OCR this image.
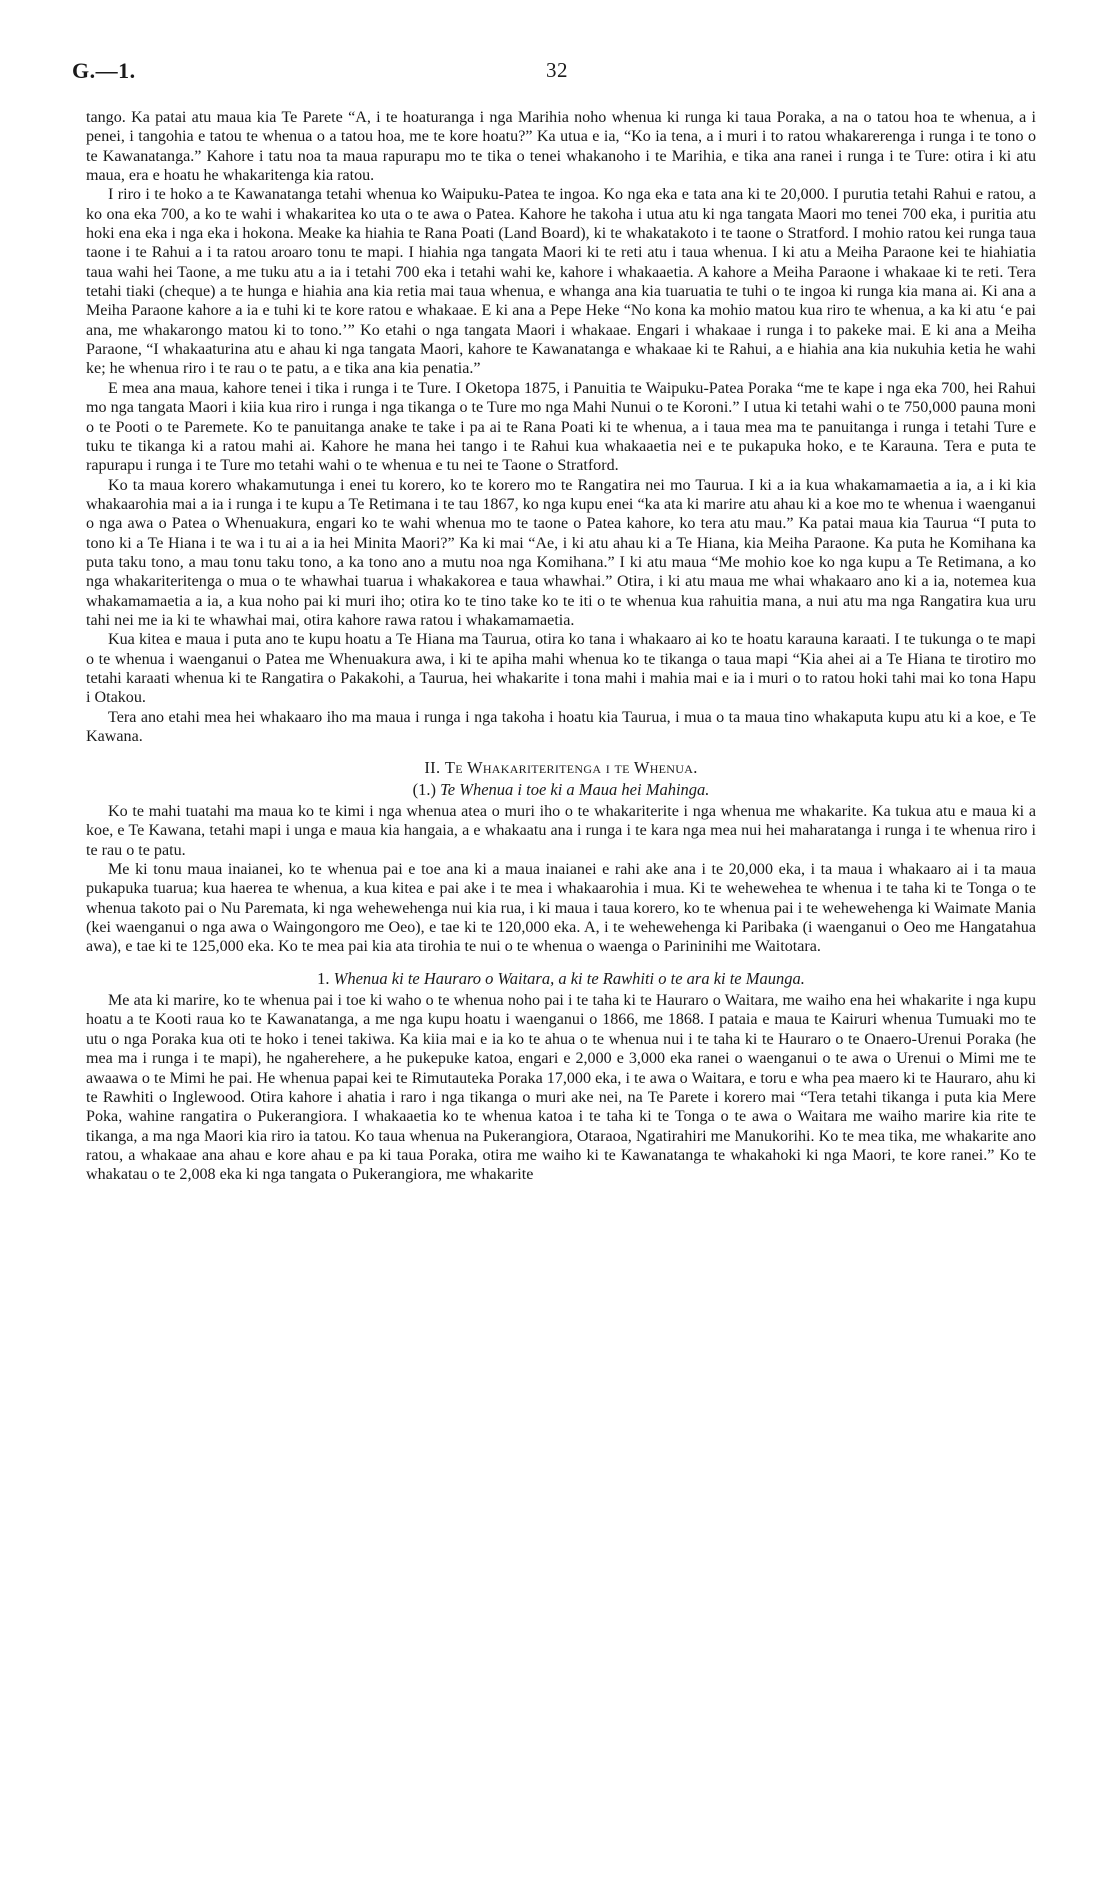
G.—1.	32

tango. Ka patai atu maua kia Te Parete “A, i te hoaturanga i nga Marihia noho whenua ki runga ki taua Poraka, a na o tatou hoa te whenua, a i penei, i tangohia e tatou te whenua o a tatou hoa, me te kore hoatu?” Ka utua e ia, “Ko ia tena, a i muri i to ratou whakarerenga i runga i te tono o te Kawanatanga.” Kahore i tatu noa ta maua rapurapu mo te tika o tenei whakanoho i te Marihia, e tika ana ranei i runga i te Ture: otira i ki atu maua, era e hoatu he whakaritenga kia ratou.

I riro i te hoko a te Kawanatanga tetahi whenua ko Waipuku-Patea te ingoa. Ko nga eka e tata ana ki te 20,000. I purutia tetahi Rahui e ratou, a ko ona eka 700, a ko te wahi i whakaritea ko uta o te awa o Patea. Kahore he takoha i utua atu ki nga tangata Maori mo tenei 700 eka, i puritia atu hoki ena eka i nga eka i hokona. Meake ka hiahia te Rana Poati (Land Board), ki te whakatakoto i te taone o Stratford. I mohio ratou kei runga taua taone i te Rahui a i ta ratou aroaro tonu te mapi. I hiahia nga tangata Maori ki te reti atu i taua whenua. I ki atu a Meiha Paraone kei te hiahiatia taua wahi hei Taone, a me tuku atu a ia i tetahi 700 eka i tetahi wahi ke, kahore i whakaaetia. A kahore a Meiha Paraone i whakaae ki te reti. Tera tetahi tiaki (cheque) a te hunga e hiahia ana kia retia mai taua whenua, e whanga ana kia tuaruatia te tuhi o te ingoa ki runga kia mana ai. Ki ana a Meiha Paraone kahore a ia e tuhi ki te kore ratou e whakaae. E ki ana a Pepe Heke “No kona ka mohio matou kua riro te whenua, a ka ki atu ‘e pai ana, me whakarongo matou ki to tono.’” Ko etahi o nga tangata Maori i whakaae. Engari i whakaae i runga i to pakeke mai. E ki ana a Meiha Paraone, “I whakaaturina atu e ahau ki nga tangata Maori, kahore te Kawanatanga e whakaae ki te Rahui, a e hiahia ana kia nukuhia ketia he wahi ke; he whenua riro i te rau o te patu, a e tika ana kia penatia.”

E mea ana maua, kahore tenei i tika i runga i te Ture. I Oketopa 1875, i Panuitia te Waipuku-Patea Poraka “me te kape i nga eka 700, hei Rahui mo nga tangata Maori i kiia kua riro i runga i nga tikanga o te Ture mo nga Mahi Nunui o te Koroni.” I utua ki tetahi wahi o te 750,000 pauna moni o te Pooti o te Paremete. Ko te panuitanga anake te take i pa ai te Rana Poati ki te whenua, a i taua mea ma te panuitanga i runga i tetahi Ture e tuku te tikanga ki a ratou mahi ai. Kahore he mana hei tango i te Rahui kua whakaaetia nei e te pukapuka hoko, e te Karauna. Tera e puta te rapurapu i runga i te Ture mo tetahi wahi o te whenua e tu nei te Taone o Stratford.

Ko ta maua korero whakamutunga i enei tu korero, ko te korero mo te Rangatira nei mo Taurua. I ki a ia kua whakamamaetia a ia, a i ki kia whakaarohia mai a ia i runga i te kupu a Te Retimana i te tau 1867, ko nga kupu enei “ka ata ki marire atu ahau ki a koe mo te whenua i waenganui o nga awa o Patea o Whenuakura, engari ko te wahi whenua mo te taone o Patea kahore, ko tera atu mau.” Ka patai maua kia Taurua “I puta to tono ki a Te Hiana i te wa i tu ai a ia hei Minita Maori?” Ka ki mai “Ae, i ki atu ahau ki a Te Hiana, kia Meiha Paraone. Ka puta he Komihana ka puta taku tono, a mau tonu taku tono, a ka tono ano a mutu noa nga Komihana.” I ki atu maua “Me mohio koe ko nga kupu a Te Retimana, a ko nga whakariteritenga o mua o te whawhai tuarua i whakakorea e taua whawhai.” Otira, i ki atu maua me whai whakaaro ano ki a ia, notemea kua whakamamaetia a ia, a kua noho pai ki muri iho; otira ko te tino take ko te iti o te whenua kua rahuitia mana, a nui atu ma nga Rangatira kua uru tahi nei me ia ki te whawhai mai, otira kahore rawa ratou i whakamamaetia.

Kua kitea e maua i puta ano te kupu hoatu a Te Hiana ma Taurua, otira ko tana i whakaaro ai ko te hoatu karauna karaati. I te tukunga o te mapi o te whenua i waenganui o Patea me Whenuakura awa, i ki te apiha mahi whenua ko te tikanga o taua mapi “Kia ahei ai a Te Hiana te tirotiro mo tetahi karaati whenua ki te Rangatira o Pakakohi, a Taurua, hei whakarite i tona mahi i mahia mai e ia i muri o to ratou hoki tahi mai ko tona Hapu i Otakou.

Tera ano etahi mea hei whakaaro iho ma maua i runga i nga takoha i hoatu kia Taurua, i mua o ta maua tino whakaputa kupu atu ki a koe, e Te Kawana.

II. Te Whakariteritenga i te Whenua.
(1.) Te Whenua i toe ki a Maua hei Mahinga.

Ko te mahi tuatahi ma maua ko te kimi i nga whenua atea o muri iho o te whakariterite i nga whenua me whakarite. Ka tukua atu e maua ki a koe, e Te Kawana, tetahi mapi i unga e maua kia hangaia, a e whakaatu ana i runga i te kara nga mea nui hei maharatanga i runga i te whenua riro i te rau o te patu.

Me ki tonu maua inaianei, ko te whenua pai e toe ana ki a maua inaianei e rahi ake ana i te 20,000 eka, i ta maua i whakaaro ai i ta maua pukapuka tuarua; kua haerea te whenua, a kua kitea e pai ake i te mea i whakaarohia i mua. Ki te wehewehea te whenua i te taha ki te Tonga o te whenua takoto pai o Nu Paremata, ki nga wehewehenga nui kia rua, i ki maua i taua korero, ko te whenua pai i te wehewehenga ki Waimate Mania (kei waenganui o nga awa o Waingongoro me Oeo), e tae ki te 120,000 eka. A, i te wehewehenga ki Paribaka (i waenganui o Oeo me Hangatahua awa), e tae ki te 125,000 eka. Ko te mea pai kia ata tirohia te nui o te whenua o waenga o Parininihi me Waitotara.

1. Whenua ki te Hauraro o Waitara, a ki te Rawhiti o te ara ki te Maunga.

Me ata ki marire, ko te whenua pai i toe ki waho o te whenua noho pai i te taha ki te Hauraro o Waitara, me waiho ena hei whakarite i nga kupu hoatu a te Kooti raua ko te Kawanatanga, a me nga kupu hoatu i waenganui o 1866, me 1868. I pataia e maua te Kairuri whenua Tumuaki mo te utu o nga Poraka kua oti te hoko i tenei takiwa. Ka kiia mai e ia ko te ahua o te whenua nui i te taha ki te Hauraro o te Onaero-Urenui Poraka (he mea ma i runga i te mapi), he ngaherehere, a he pukepuke katoa, engari e 2,000 e 3,000 eka ranei o waenganui o te awa o Urenui o Mimi me te awaawa o te Mimi he pai. He whenua papai kei te Rimutauteka Poraka 17,000 eka, i te awa o Waitara, e toru e wha pea maero ki te Hauraro, ahu ki te Rawhiti o Inglewood. Otira kahore i ahatia i raro i nga tikanga o muri ake nei, na Te Parete i korero mai “Tera tetahi tikanga i puta kia Mere Poka, wahine rangatira o Pukerangiora. I whakaaetia ko te whenua katoa i te taha ki te Tonga o te awa o Waitara me waiho marire kia rite te tikanga, a ma nga Maori kia riro ia tatou. Ko taua whenua na Pukerangiora, Otaraoa, Ngatirahiri me Manukorihi. Ko te mea tika, me whakarite ano ratou, a whakaae ana ahau e kore ahau e pa ki taua Poraka, otira me waiho ki te Kawanatanga te whakahoki ki nga Maori, te kore ranei.” Ko te whakatau o te 2,008 eka ki nga tangata o Pukerangiora, me whakarite
